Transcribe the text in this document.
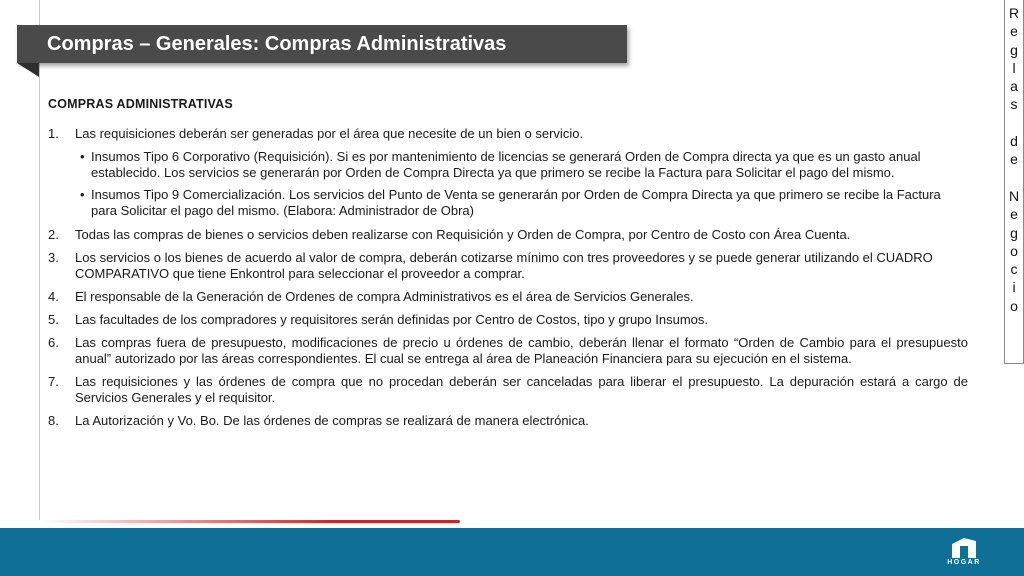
Compras – Generales: Compras Administrativas
R
e
g
l
a
s

d
e

N
e
g
o
c
i
o
COMPRAS ADMINISTRATIVAS
1. Las requisiciones deberán ser generadas por el área que necesite de un bien o servicio.
• Insumos Tipo 6 Corporativo (Requisición). Si es por mantenimiento de licencias se generará Orden de Compra directa ya que es un gasto anual establecido. Los servicios se generarán por Orden de Compra Directa ya que primero se recibe la Factura para Solicitar el pago del mismo.
• Insumos Tipo 9 Comercialización. Los servicios del Punto de Venta se generarán por Orden de Compra Directa ya que primero se recibe la Factura para Solicitar el pago del mismo. (Elabora: Administrador de Obra)
2. Todas las compras de bienes o servicios deben realizarse con Requisición y Orden de Compra, por Centro de Costo con Área Cuenta.
3. Los servicios o los bienes de acuerdo al valor de compra, deberán cotizarse mínimo con tres proveedores y se puede generar utilizando el CUADRO COMPARATIVO que tiene Enkontrol para seleccionar el proveedor a comprar.
4. El responsable de la Generación de Ordenes de compra Administrativos es el área de Servicios Generales.
5. Las facultades de los compradores y requisitores serán definidas por Centro de Costos, tipo y grupo Insumos.
6. Las compras fuera de presupuesto, modificaciones de precio u órdenes de cambio, deberán llenar el formato “Orden de Cambio para el presupuesto anual” autorizado por las áreas correspondientes. El cual se entrega al área de Planeación Financiera para su ejecución en el sistema.
7. Las requisiciones y las órdenes de compra que no procedan deberán ser canceladas para liberar el presupuesto. La depuración estará a cargo de Servicios Generales y el requisitor.
8. La Autorización y Vo. Bo. De las órdenes de compras se realizará de manera electrónica.
HOGAR
